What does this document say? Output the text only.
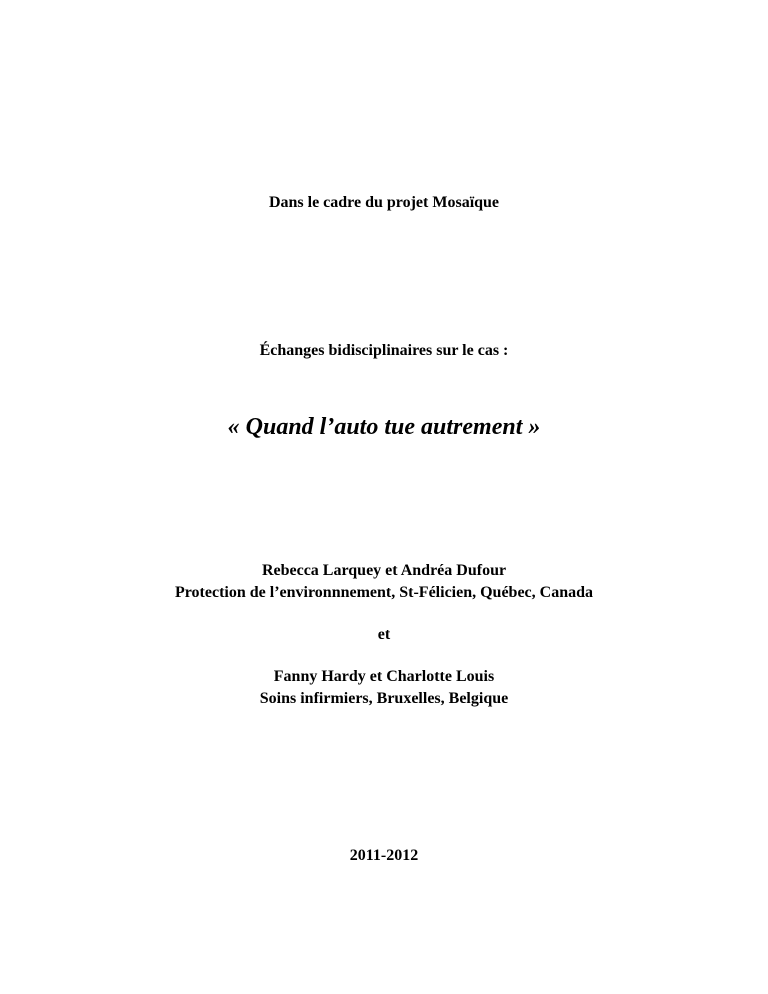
Dans le cadre du projet Mosaïque

Échanges bidisciplinaires sur le cas :

« Quand l’auto tue autrement »

Rebecca Larquey et Andréa Dufour

Protection de l’environnnement, St-Félicien, Québec, Canada

et

Fanny Hardy et Charlotte Louis

Soins infirmiers, Bruxelles, Belgique

2011-2012
